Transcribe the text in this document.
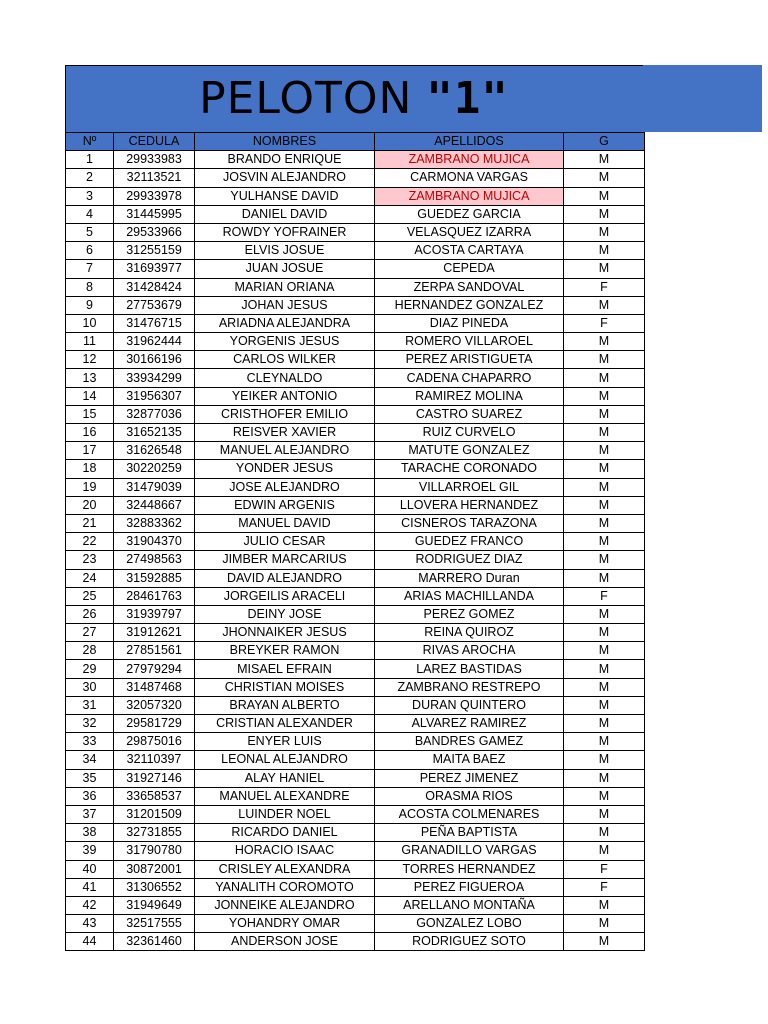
PELOTON "1"
Nº	CEDULA	NOMBRES	APELLIDOS	G
1	29933983	BRANDO ENRIQUE	ZAMBRANO MUJICA	M
2	32113521	JOSVIN ALEJANDRO	CARMONA VARGAS	M
3	29933978	YULHANSE DAVID	ZAMBRANO MUJICA	M
4	31445995	DANIEL DAVID	GUEDEZ GARCIA	M
5	29533966	ROWDY YOFRAINER	VELASQUEZ IZARRA	M
6	31255159	ELVIS JOSUE	ACOSTA CARTAYA	M
7	31693977	JUAN JOSUE	CEPEDA	M
8	31428424	MARIAN ORIANA	ZERPA SANDOVAL	F
9	27753679	JOHAN JESUS	HERNANDEZ GONZALEZ	M
10	31476715	ARIADNA ALEJANDRA	DIAZ PINEDA	F
11	31962444	YORGENIS JESUS	ROMERO VILLAROEL	M
12	30166196	CARLOS WILKER	PEREZ ARISTIGUETA	M
13	33934299	CLEYNALDO	CADENA CHAPARRO	M
14	31956307	YEIKER ANTONIO	RAMIREZ MOLINA	M
15	32877036	CRISTHOFER EMILIO	CASTRO SUAREZ	M
16	31652135	REISVER XAVIER	RUIZ CURVELO	M
17	31626548	MANUEL ALEJANDRO	MATUTE GONZALEZ	M
18	30220259	YONDER JESUS	TARACHE CORONADO	M
19	31479039	JOSE ALEJANDRO	VILLARROEL GIL	M
20	32448667	EDWIN ARGENIS	LLOVERA HERNANDEZ	M
21	32883362	MANUEL DAVID	CISNEROS TARAZONA	M
22	31904370	JULIO CESAR	GUEDEZ FRANCO	M
23	27498563	JIMBER MARCARIUS	RODRIGUEZ DIAZ	M
24	31592885	DAVID ALEJANDRO	MARRERO Duran	M
25	28461763	JORGEILIS ARACELI	ARIAS MACHILLANDA	F
26	31939797	DEINY JOSE	PEREZ GOMEZ	M
27	31912621	JHONNAIKER JESUS	REINA QUIROZ	M
28	27851561	BREYKER RAMON	RIVAS AROCHA	M
29	27979294	MISAEL EFRAIN	LAREZ BASTIDAS	M
30	31487468	CHRISTIAN MOISES	ZAMBRANO RESTREPO	M
31	32057320	BRAYAN ALBERTO	DURAN QUINTERO	M
32	29581729	CRISTIAN ALEXANDER	ALVAREZ RAMIREZ	M
33	29875016	ENYER LUIS	BANDRES GAMEZ	M
34	32110397	LEONAL ALEJANDRO	MAITA BAEZ	M
35	31927146	ALAY HANIEL	PEREZ JIMENEZ	M
36	33658537	MANUEL ALEXANDRE	ORASMA RIOS	M
37	31201509	LUINDER NOEL	ACOSTA COLMENARES	M
38	32731855	RICARDO DANIEL	PEÑA BAPTISTA	M
39	31790780	HORACIO ISAAC	GRANADILLO VARGAS	M
40	30872001	CRISLEY ALEXANDRA	TORRES HERNANDEZ	F
41	31306552	YANALITH COROMOTO	PEREZ FIGUEROA	F
42	31949649	JONNEIKE ALEJANDRO	ARELLANO MONTAÑA	M
43	32517555	YOHANDRY OMAR	GONZALEZ LOBO	M
44	32361460	ANDERSON JOSE	RODRIGUEZ SOTO	M
